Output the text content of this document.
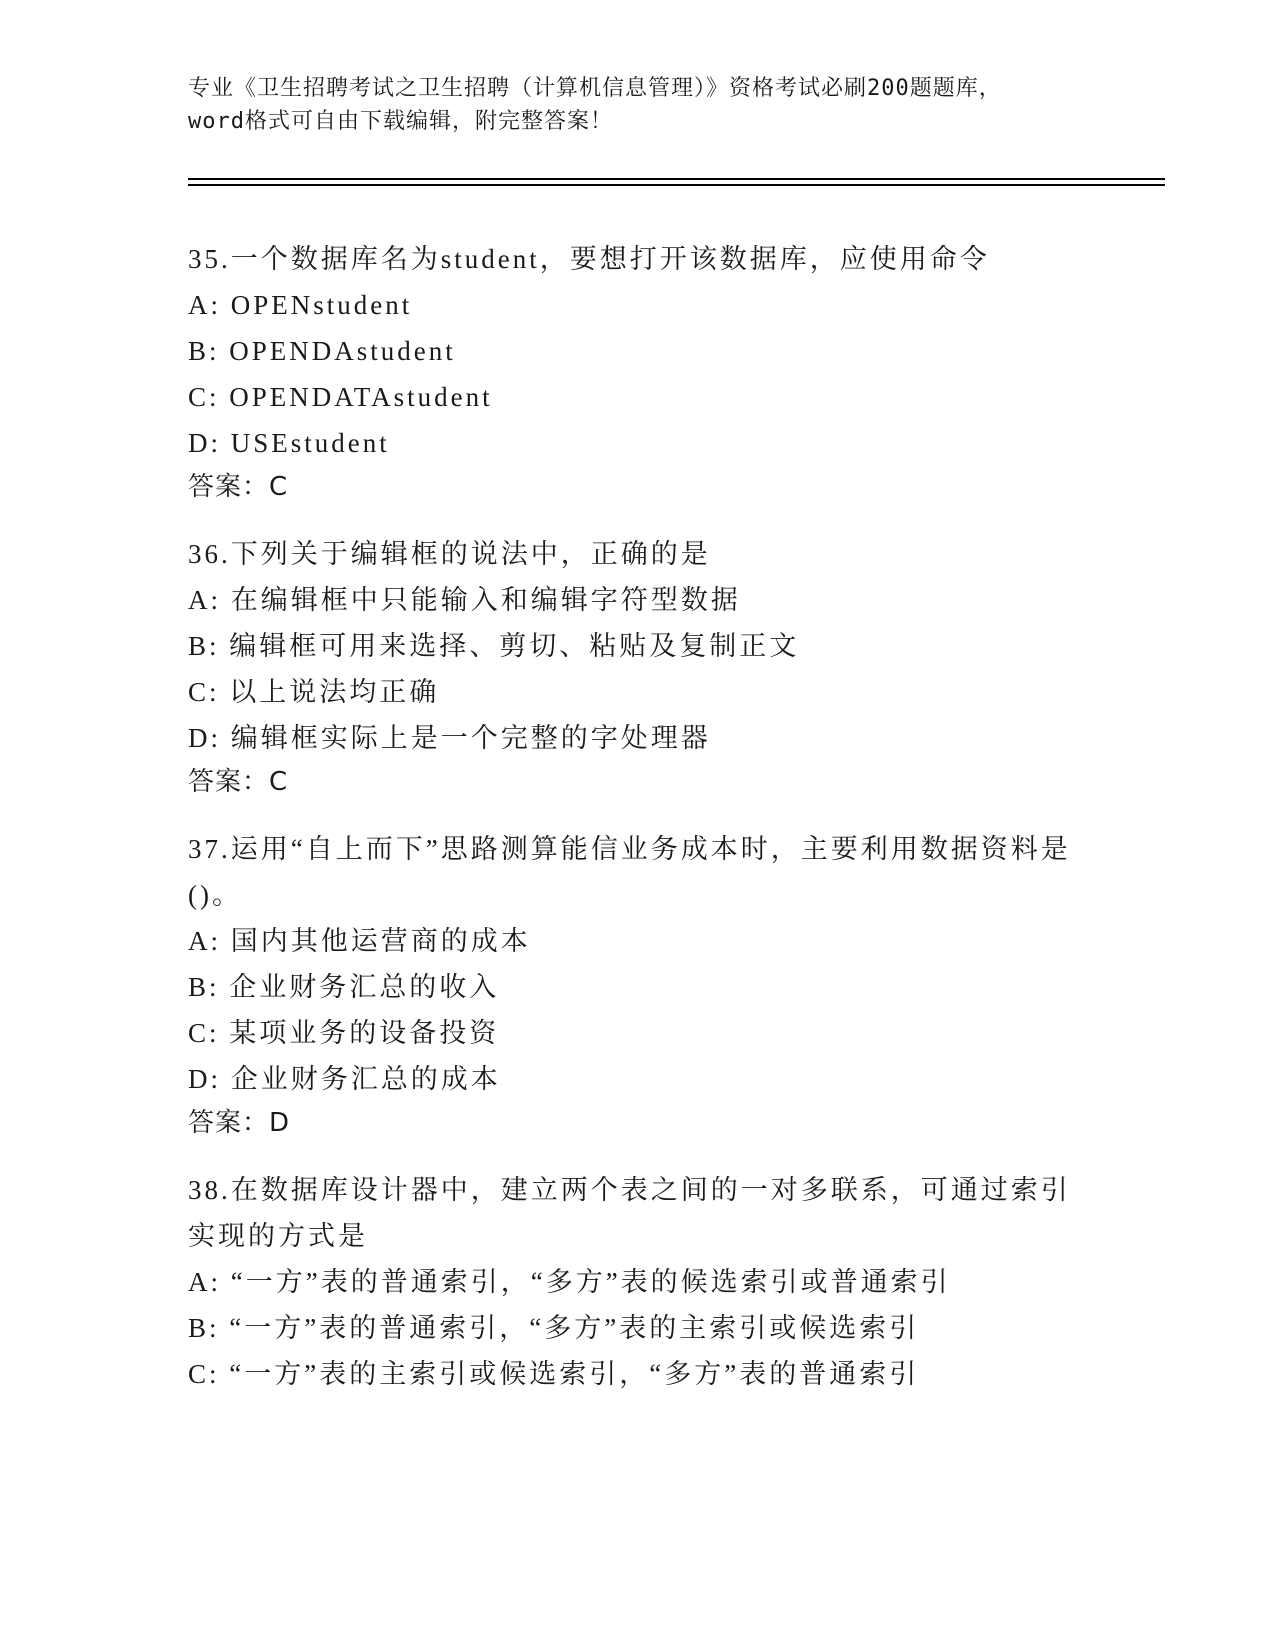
专业《卫生招聘考试之卫生招聘（计算机信息管理）》资格考试必刷200题题库，
word格式可自由下载编辑，附完整答案！
35.一个数据库名为student，要想打开该数据库，应使用命令
A: OPENstudent
B: OPENDAstudent
C: OPENDATAstudent
D: USEstudent
答案：C
36.下列关于编辑框的说法中，正确的是
A: 在编辑框中只能输入和编辑字符型数据
B: 编辑框可用来选择、剪切、粘贴及复制正文
C: 以上说法均正确
D: 编辑框实际上是一个完整的字处理器
答案：C
37.运用“自上而下”思路测算能信业务成本时，主要利用数据资料是()。
A: 国内其他运营商的成本
B: 企业财务汇总的收入
C: 某项业务的设备投资
D: 企业财务汇总的成本
答案：D
38.在数据库设计器中，建立两个表之间的一对多联系，可通过索引实现的方式是
A: “一方”表的普通索引，“多方”表的候选索引或普通索引
B: “一方”表的普通索引，“多方”表的主索引或候选索引
C: “一方”表的主索引或候选索引，“多方”表的普通索引
